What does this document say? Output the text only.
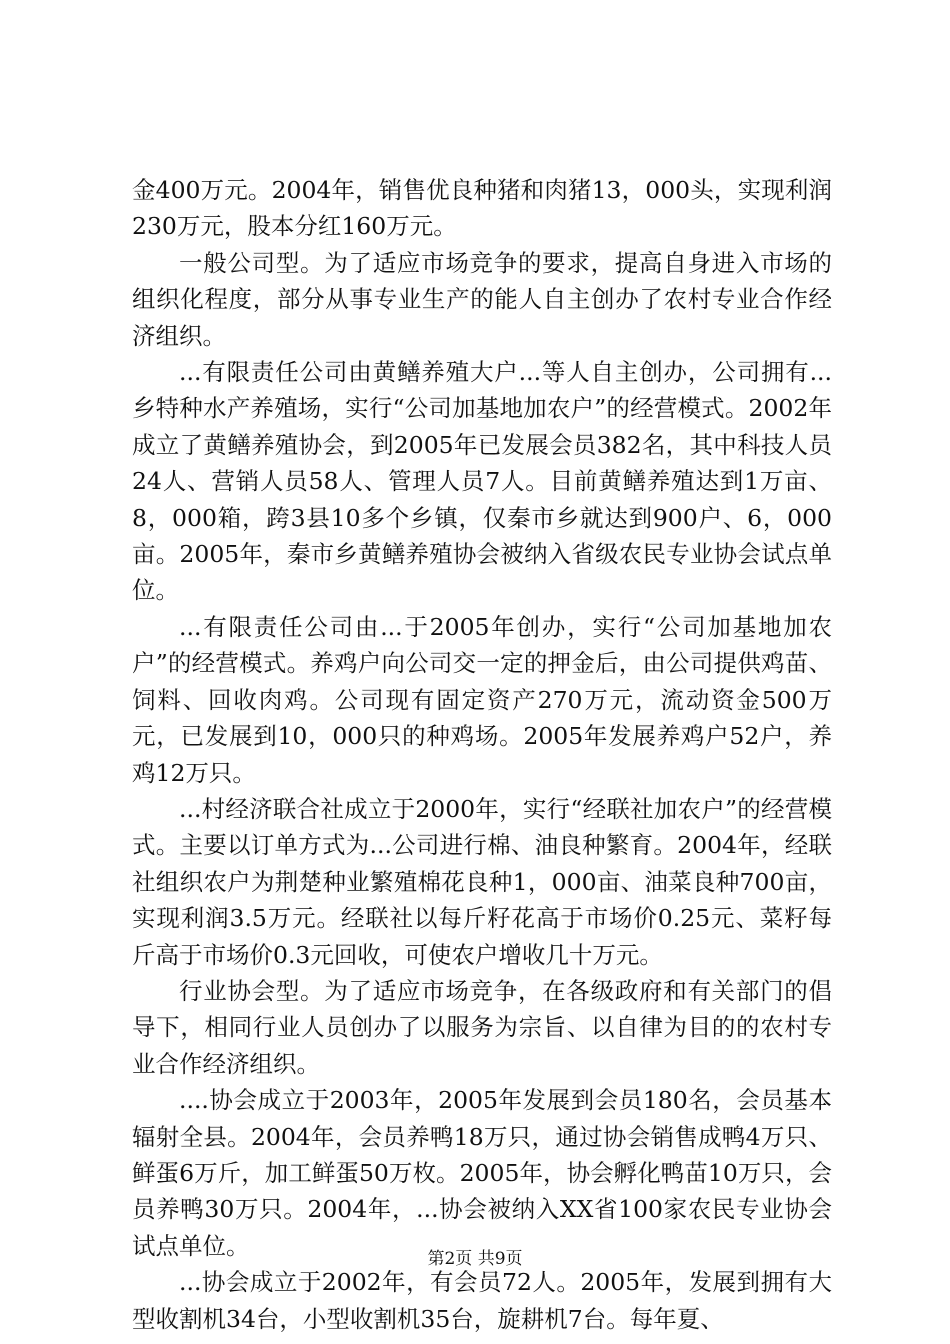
金400万元。2004年，销售优良种猪和肉猪13，000头，实现利润230万元，股本分红160万元。

一般公司型。为了适应市场竞争的要求，提高自身进入市场的组织化程度，部分从事专业生产的能人自主创办了农村专业合作经济组织。

...有限责任公司由黄鳝养殖大户...等人自主创办，公司拥有...乡特种水产养殖场，实行“公司加基地加农户”的经营模式。2002年成立了黄鳝养殖协会，到2005年已发展会员382名，其中科技人员24人、营销人员58人、管理人员7人。目前黄鳝养殖达到1万亩、8，000箱，跨3县10多个乡镇，仅秦市乡就达到900户、6，000亩。2005年，秦市乡黄鳝养殖协会被纳入省级农民专业协会试点单位。

...有限责任公司由...于2005年创办，实行“公司加基地加农户”的经营模式。养鸡户向公司交一定的押金后，由公司提供鸡苗、饲料、回收肉鸡。公司现有固定资产270万元，流动资金500万元，已发展到10，000只的种鸡场。2005年发展养鸡户52户，养鸡12万只。

...村经济联合社成立于2000年，实行“经联社加农户”的经营模式。主要以订单方式为...公司进行棉、油良种繁育。2004年，经联社组织农户为荆楚种业繁殖棉花良种1，000亩、油菜良种700亩，实现利润3.5万元。经联社以每斤籽花高于市场价0.25元、菜籽每斤高于市场价0.3元回收，可使农户增收几十万元。

行业协会型。为了适应市场竞争，在各级政府和有关部门的倡导下，相同行业人员创办了以服务为宗旨、以自律为目的的农村专业合作经济组织。

....协会成立于2003年，2005年发展到会员180名，会员基本辐射全县。2004年，会员养鸭18万只，通过协会销售成鸭4万只、鲜蛋6万斤，加工鲜蛋50万枚。2005年，协会孵化鸭苗10万只，会员养鸭30万只。2004年，...协会被纳入XX省100家农民专业协会试点单位。

...协会成立于2002年，有会员72人。2005年，发展到拥有大型收割机34台，小型收割机35台，旋耕机7台。每年夏、

第2页 共9页
